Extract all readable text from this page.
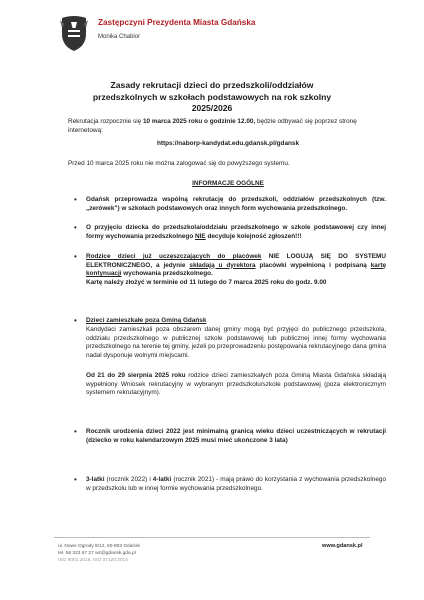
Zastępczyni Prezydenta Miasta Gdańska
Monika Chabior
Zasady rekrutacji dzieci do przedszkoli/oddziałów
przedszkolnych w szkołach podstawowych na rok szkolny
2025/2026
Rekrutacja rozpocznie się 10 marca 2025 roku o godzinie 12.00, będzie odbywać się poprzez stronę internetową:
https://naborp-kandydat.edu.gdansk.pl/gdansk
Przed 10 marca 2025 roku nie można zalogować się do powyższego systemu.
INFORMACJE OGÓLNE
• Gdańsk przeprowadza wspólną rekrutację do przedszkoli, oddziałów przedszkolnych (tzw. „zerówek") w szkołach podstawowych oraz innych form wychowania przedszkolnego.
• O przyjęciu dziecka do przedszkola/oddziału przedszkolnego w szkole podstawowej czy innej formy wychowania przedszkolnego NIE decyduje kolejność zgłoszeń!!!
• Rodzice dzieci już uczęszczających do placówek NIE LOGUJĄ SIĘ DO SYSTEMU ELEKTRONICZNEGO, a jedynie składają u dyrektora placówki wypełnioną i podpisaną kartę kontynuacji wychowania przedszkolnego.
Kartę należy złożyć w terminie od 11 lutego do 7 marca 2025 roku do godz. 9.00
• Dzieci zamieszkałe poza Gminą Gdańsk
Kandydaci zamieszkali poza obszarem danej gminy mogą być przyjęci do publicznego przedszkola, oddziału przedszkolnego w publicznej szkole podstawowej lub publicznej innej formy wychowania przedszkolnego na terenie tej gminy, jeżeli po przeprowadzeniu postępowania rekrutacyjnego dana gmina nadal dysponuje wolnymi miejscami.
Od 21 do 29 sierpnia 2025 roku rodzice dzieci zamieszkałych poza Gminą Miasta Gdańska składają wypełniony Wniosek rekrutacyjny w wybranym przedszkolu/szkole podstawowej (poza elektronicznym systemem rekrutacyjnym).
• Rocznik urodzenia dzieci 2022 jest minimalną granicą wieku dzieci uczestniczących w rekrutacji (dziecko w roku kalendarzowym 2025 musi mieć ukończone 3 lata)
• 3-latki (rocznik 2022) i 4-latki (rocznik 2021) - mają prawo do korzystania z wychowania przedszkolnego w przedszkolu lub w innej formie wychowania przedszkolnego.
ul. Nowe Ogrody 8/12, 80-803 Gdańsk
tel. 58 323 67 27 wz@gdansk.gda.pl
ISO 9001:2015; ISO 37120:2014
www.gdansk.pl
